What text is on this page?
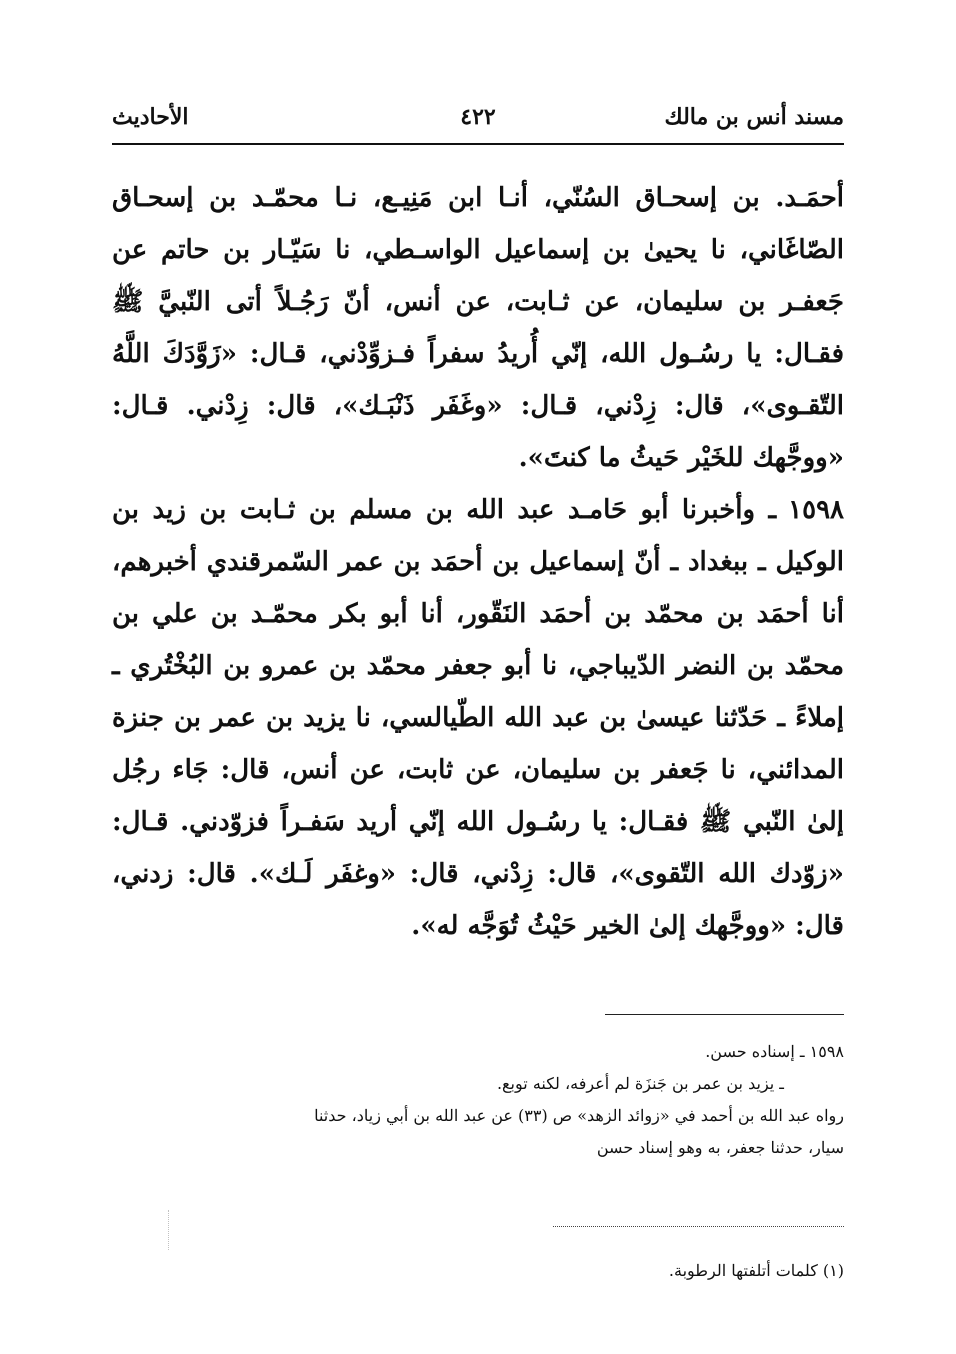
مسند أنس بن مالك
٤٢٢
الأحاديث

أحمَـد. بن إسحـاق السُنّي، أنـا ابن مَنِيـع، نـا محمّـد بن إسحـاق الصّاغَاني، نا يحيىٰ بن إسماعيل الواسـطي، نا سَيّـار بن حاتم عن جَعفـر بن سليمان، عن ثـابت، عن أنس، أنّ رَجُـلاً أتى النّبيَّ ﷺ فقـال: يا رسُـول الله، إنّي أُريدُ سفراً فـزوِّدْني، قـال: «زَوَّدَكَ اللَّهُ التّقـوى»، قال: زِدْني، قـال: «وغَفَر ذَنْبَـك»، قال: زِدْني. قـال: «ووجَّهك للخَيْر حَيثُ ما كنتَ».

١٥٩٨ـ وأخبرنا أبو حَامـد عبد الله بن مسلم بن ثـابت بن زيد بن الوكيل ـ ببغداد ـ أنّ إسماعيل بن أحمَد بن عمر السّمرقندي أخبرهم، أنا أحمَد بن محمّد بن أحمَد النَقّور، أنا أبو بكر محمّـد بن علي بن محمّد بن النضر الدّيباجي، نا أبو جعفر محمّد بن عمرو بن البُخْتُري ـ إملاءً ـ حَدّثنا عيسىٰ بن عبد الله الطّيالسي، نا يزيد بن عمر بن جنزة المدائني، نا جَعفر بن سليمان، عن ثابت، عن أنس، قال: جَاء رجُل إلىٰ النّبي ﷺ فقـال: يا رسُـول الله إنّي أريد سَفـراً فزوّدني. قـال: «زوّدك الله التّقوى»، قال: زِدْني، قال: «وغفَر لَـك». قال: زدني، قال: «ووجَّهك إلىٰ الخير حَيْثُ تُوَجَّه له».

١٥٩٨ ـ إسناده حسن.

ـ يزيد بن عمر بن جَنزَة لم أعرفه، لكنه توبع.

رواه عبد الله بن أحمد في «زوائد الزهد» ص (٣٣) عن عبد الله بن أبي زياد، حدثنا

سيار، حدثنا جعفر، به وهو إسناد حسن

(١) كلمات أتلفتها الرطوبة.
